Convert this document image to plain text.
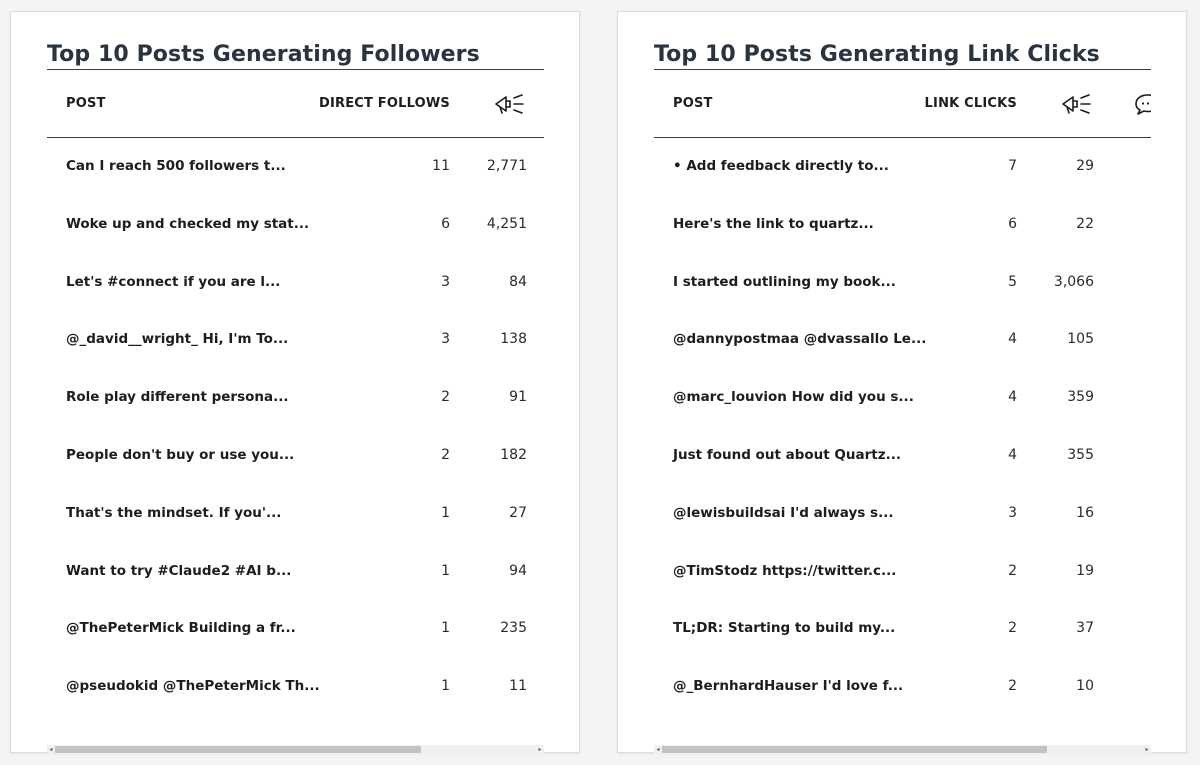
Top 10 Posts Generating Followers
POST	DIRECT FOLLOWS
Can I reach 500 followers t...	11	2,771
Woke up and checked my stat...	6	4,251
Let's #connect if you are l...	3	84
@_david__wright_ Hi, I'm To...	3	138
Role play different persona...	2	91
People don't buy or use you...	2	182
That's the mindset. If you'...	1	27
Want to try #Claude2 #AI b...	1	94
@ThePeterMick Building a fr...	1	235
@pseudokid @ThePeterMick Th...	1	11
◂	▸
Top 10 Posts Generating Link Clicks
POST	LINK CLICKS
• Add feedback directly to...	7	29
Here's the link to quartz...	6	22
I started outlining my book...	5	3,066
@dannypostmaa @dvassallo Le...	4	105
@marc_louvion How did you s...	4	359
Just found out about Quartz...	4	355
@lewisbuildsai I'd always s...	3	16
@TimStodz https://twitter.c...	2	19
TL;DR: Starting to build my...	2	37
@_BernhardHauser I'd love f...	2	10
◂	▸
